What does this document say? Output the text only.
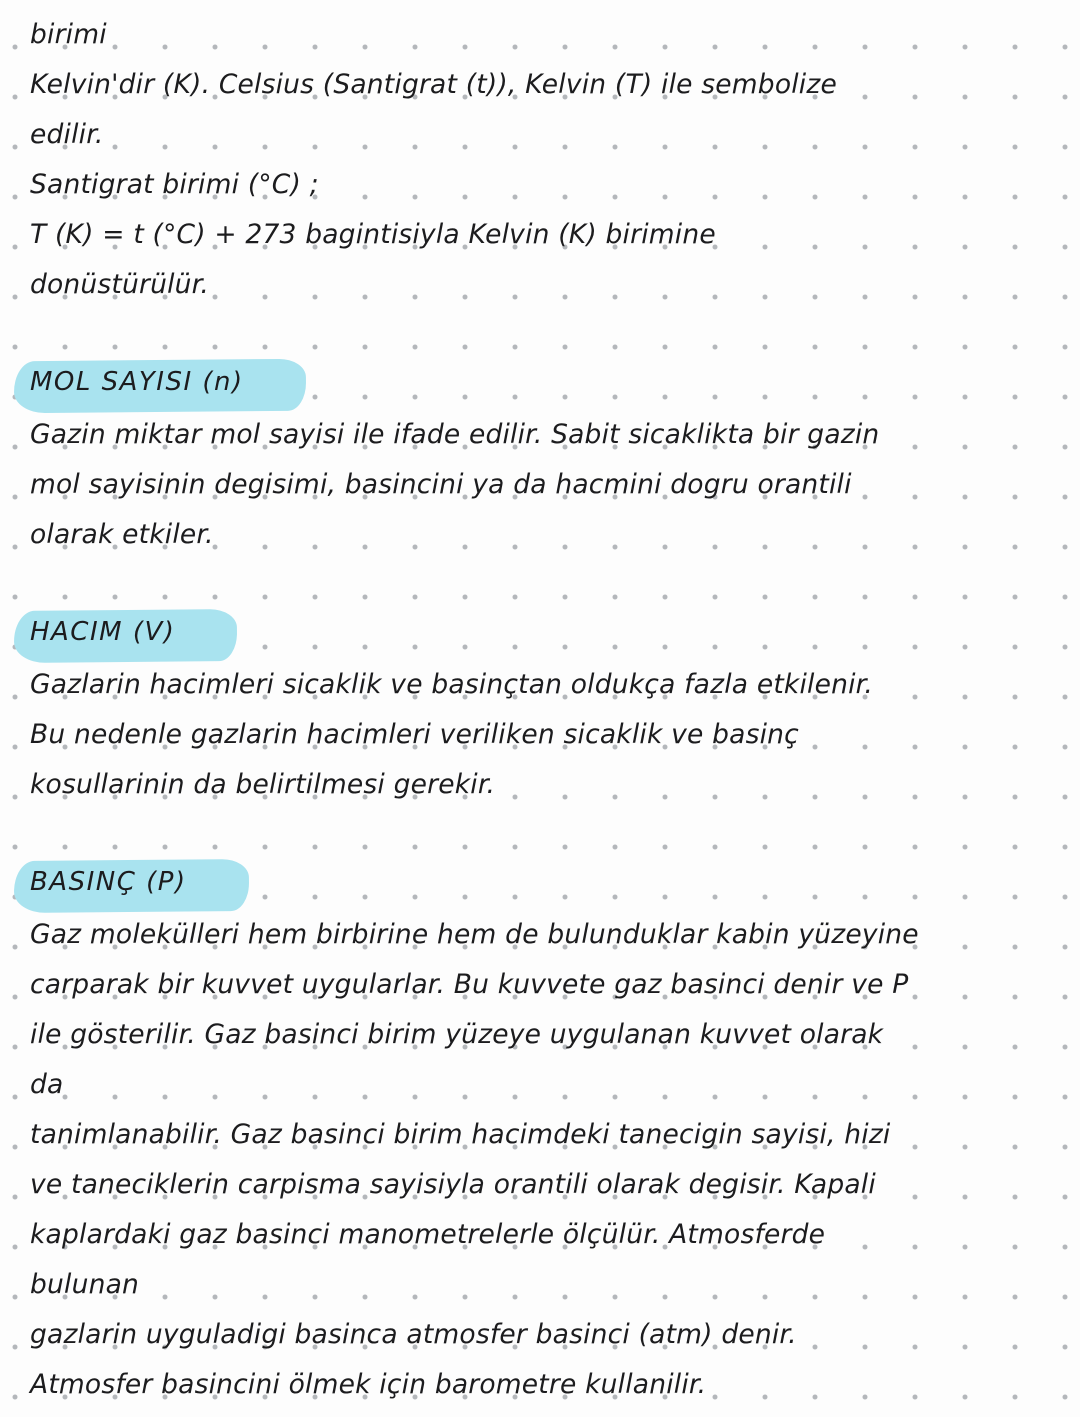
birimi
Kelvin'dir (K). Celsius (Santigrat (t)), Kelvin (T) ile sembolize
edilir.
Santigrat birimi (°C) ;
T (K) = t (°C) + 273 bagintisiyla Kelvin (K) birimine
donüstürülür.
MOL SAYISI (n)
Gazin miktar mol sayisi ile ifade edilir. Sabit sicaklikta bir gazin
mol sayisinin degisimi, basincini ya da hacmini dogru orantili
olarak etkiler.
HACIM (V)
Gazlarin hacimleri sicaklik ve basinçtan oldukça fazla etkilenir.
Bu nedenle gazlarin hacimleri veriliken sicaklik ve basinç
kosullarinin da belirtilmesi gerekir.
BASINÇ (P)
Gaz molekülleri hem birbirine hem de bulunduklar kabin yüzeyine
carparak bir kuvvet uygularlar. Bu kuvvete gaz basinci denir ve P
ile gösterilir. Gaz basinci birim yüzeye uygulanan kuvvet olarak
da
tanimlanabilir. Gaz basinci birim hacimdeki tanecigin sayisi, hizi
ve taneciklerin carpisma sayisiyla orantili olarak degisir. Kapali
kaplardaki gaz basinci manometrelerle ölçülür. Atmosferde
bulunan
gazlarin uyguladigi basinca atmosfer basinci (atm) denir.
Atmosfer basincini ölmek için barometre kullanilir.
